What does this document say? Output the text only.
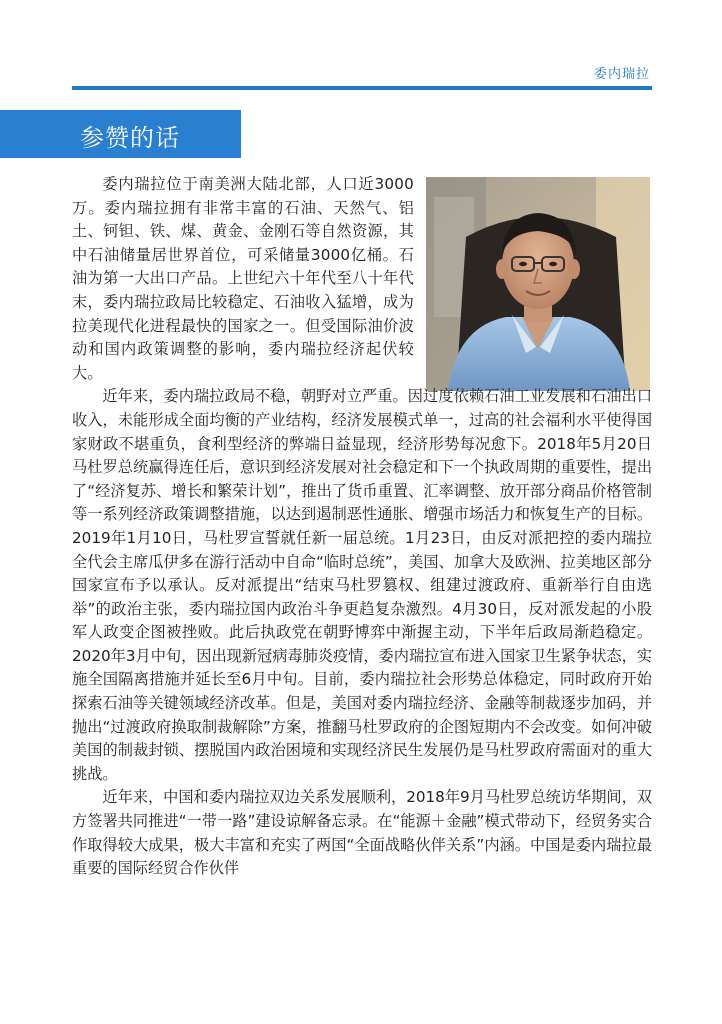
委内瑞拉
参赞的话

委内瑞拉位于南美洲大陆北部，人口近3000万。委内瑞拉拥有非常丰富的石油、天然气、铝土、钶钽、铁、煤、黄金、金刚石等自然资源，其中石油储量居世界首位，可采储量3000亿桶。石油为第一大出口产品。上世纪六十年代至八十年代末，委内瑞拉政局比较稳定、石油收入猛增，成为拉美现代化进程最快的国家之一。但受国际油价波动和国内政策调整的影响，委内瑞拉经济起伏较大。

近年来，委内瑞拉政局不稳，朝野对立严重。因过度依赖石油工业发展和石油出口收入，未能形成全面均衡的产业结构，经济发展模式单一，过高的社会福利水平使得国家财政不堪重负，食利型经济的弊端日益显现，经济形势每况愈下。2018年5月20日马杜罗总统赢得连任后，意识到经济发展对社会稳定和下一个执政周期的重要性，提出了“经济复苏、增长和繁荣计划”，推出了货币重置、汇率调整、放开部分商品价格管制等一系列经济政策调整措施，以达到遏制恶性通胀、增强市场活力和恢复生产的目标。2019年1月10日，马杜罗宣誓就任新一届总统。1月23日，由反对派把控的委内瑞拉全代会主席瓜伊多在游行活动中自命“临时总统”，美国、加拿大及欧洲、拉美地区部分国家宣布予以承认。反对派提出“结束马杜罗篡权、组建过渡政府、重新举行自由选举”的政治主张，委内瑞拉国内政治斗争更趋复杂激烈。4月30日，反对派发起的小股军人政变企图被挫败。此后执政党在朝野博弈中渐握主动，下半年后政局渐趋稳定。2020年3月中旬，因出现新冠病毒肺炎疫情，委内瑞拉宣布进入国家卫生紧争状态，实施全国隔离措施并延长至6月中旬。目前，委内瑞拉社会形势总体稳定，同时政府开始探索石油等关键领域经济改革。但是，美国对委内瑞拉经济、金融等制裁逐步加码，并抛出“过渡政府换取制裁解除”方案，推翻马杜罗政府的企图短期内不会改变。如何冲破美国的制裁封锁、摆脱国内政治困境和实现经济民生发展仍是马杜罗政府需面对的重大挑战。

近年来，中国和委内瑞拉双边关系发展顺利，2018年9月马杜罗总统访华期间，双方签署共同推进“一带一路”建设谅解备忘录。在“能源＋金融”模式带动下，经贸务实合作取得较大成果，极大丰富和充实了两国“全面战略伙伴关系”内涵。中国是委内瑞拉最重要的国际经贸合作伙伴
